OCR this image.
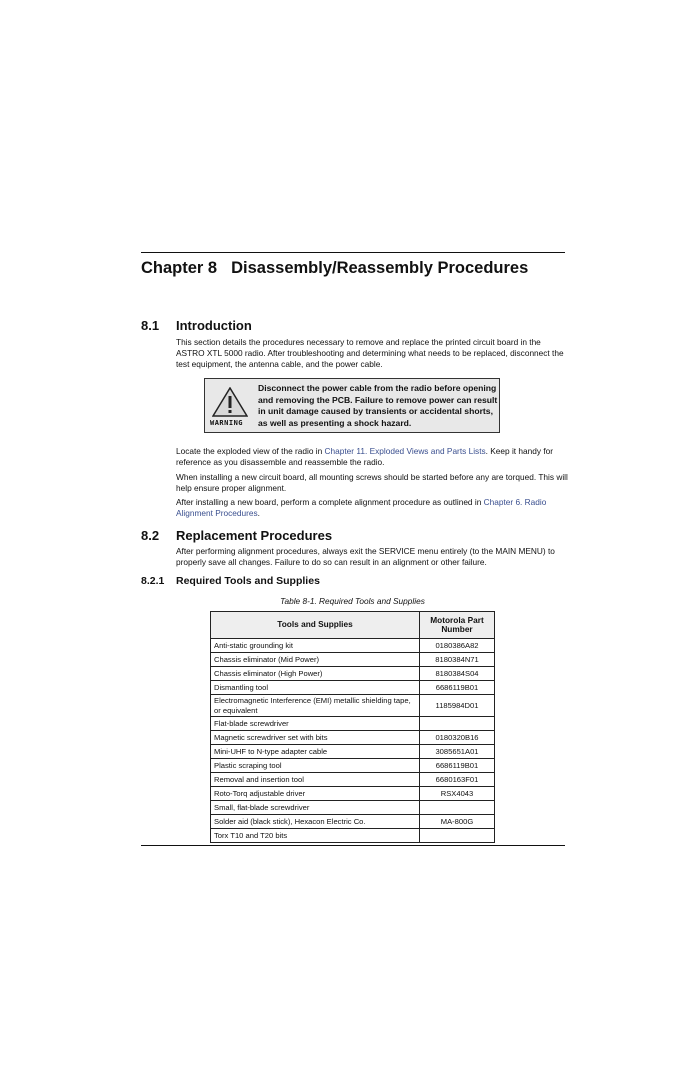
Chapter 8 Disassembly/Reassembly Procedures
8.1 Introduction

This section details the procedures necessary to remove and replace the printed circuit board in the ASTRO XTL 5000 radio. After troubleshooting and determining what needs to be replaced, disconnect the test equipment, the antenna cable, and the power cable.

WARNING
Disconnect the power cable from the radio before opening and removing the PCB. Failure to remove power can result in unit damage caused by transients or accidental shorts, as well as presenting a shock hazard.

Locate the exploded view of the radio in Chapter 11. Exploded Views and Parts Lists. Keep it handy for reference as you disassemble and reassemble the radio.

When installing a new circuit board, all mounting screws should be started before any are torqued. This will help ensure proper alignment.

After installing a new board, perform a complete alignment procedure as outlined in Chapter 6. Radio Alignment Procedures.

8.2 Replacement Procedures

After performing alignment procedures, always exit the SERVICE menu entirely (to the MAIN MENU) to properly save all changes. Failure to do so can result in an alignment or other failure.

8.2.1 Required Tools and Supplies
Table 8-1. Required Tools and Supplies
Tools and Supplies	Motorola Part Number
Anti-static grounding kit	0180386A82
Chassis eliminator (Mid Power)	8180384N71
Chassis eliminator (High Power)	8180384S04
Dismantling tool	6686119B01
Electromagnetic Interference (EMI) metallic shielding tape, or equivalent	1185984D01
Flat-blade screwdriver	
Magnetic screwdriver set with bits	0180320B16
Mini-UHF to N-type adapter cable	3085651A01
Plastic scraping tool	6686119B01
Removal and insertion tool	6680163F01
Roto-Torq adjustable driver	RSX4043
Small, flat-blade screwdriver	
Solder aid (black stick), Hexacon Electric Co.	MA-800G
Torx T10 and T20 bits	
